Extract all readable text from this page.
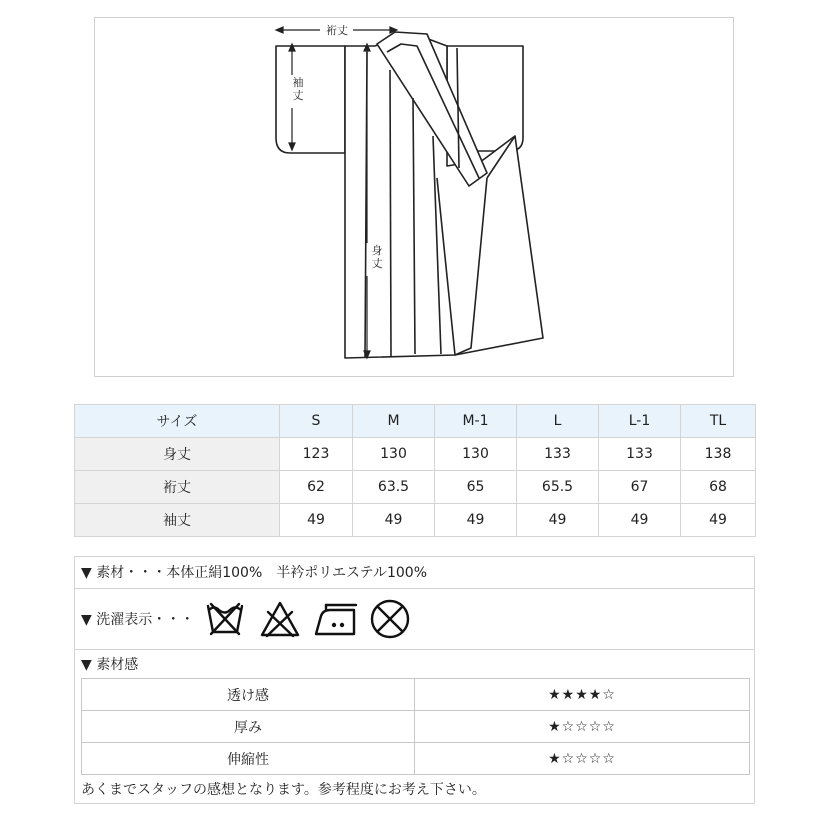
裄丈
袖丈
身丈
サイズ	S	M	M-1	L	L-1	TL
身丈	123	130	130	133	133	138
裄丈	62	63.5	65	65.5	67	68
袖丈	49	49	49	49	49	49
▼ 素材・・・本体正絹100%　半衿ポリエステル100%
▼ 洗濯表示・・・
▼ 素材感
透け感	★★★★☆
厚み	★☆☆☆☆
伸縮性	★☆☆☆☆
あくまでスタッフの感想となります。参考程度にお考え下さい。
